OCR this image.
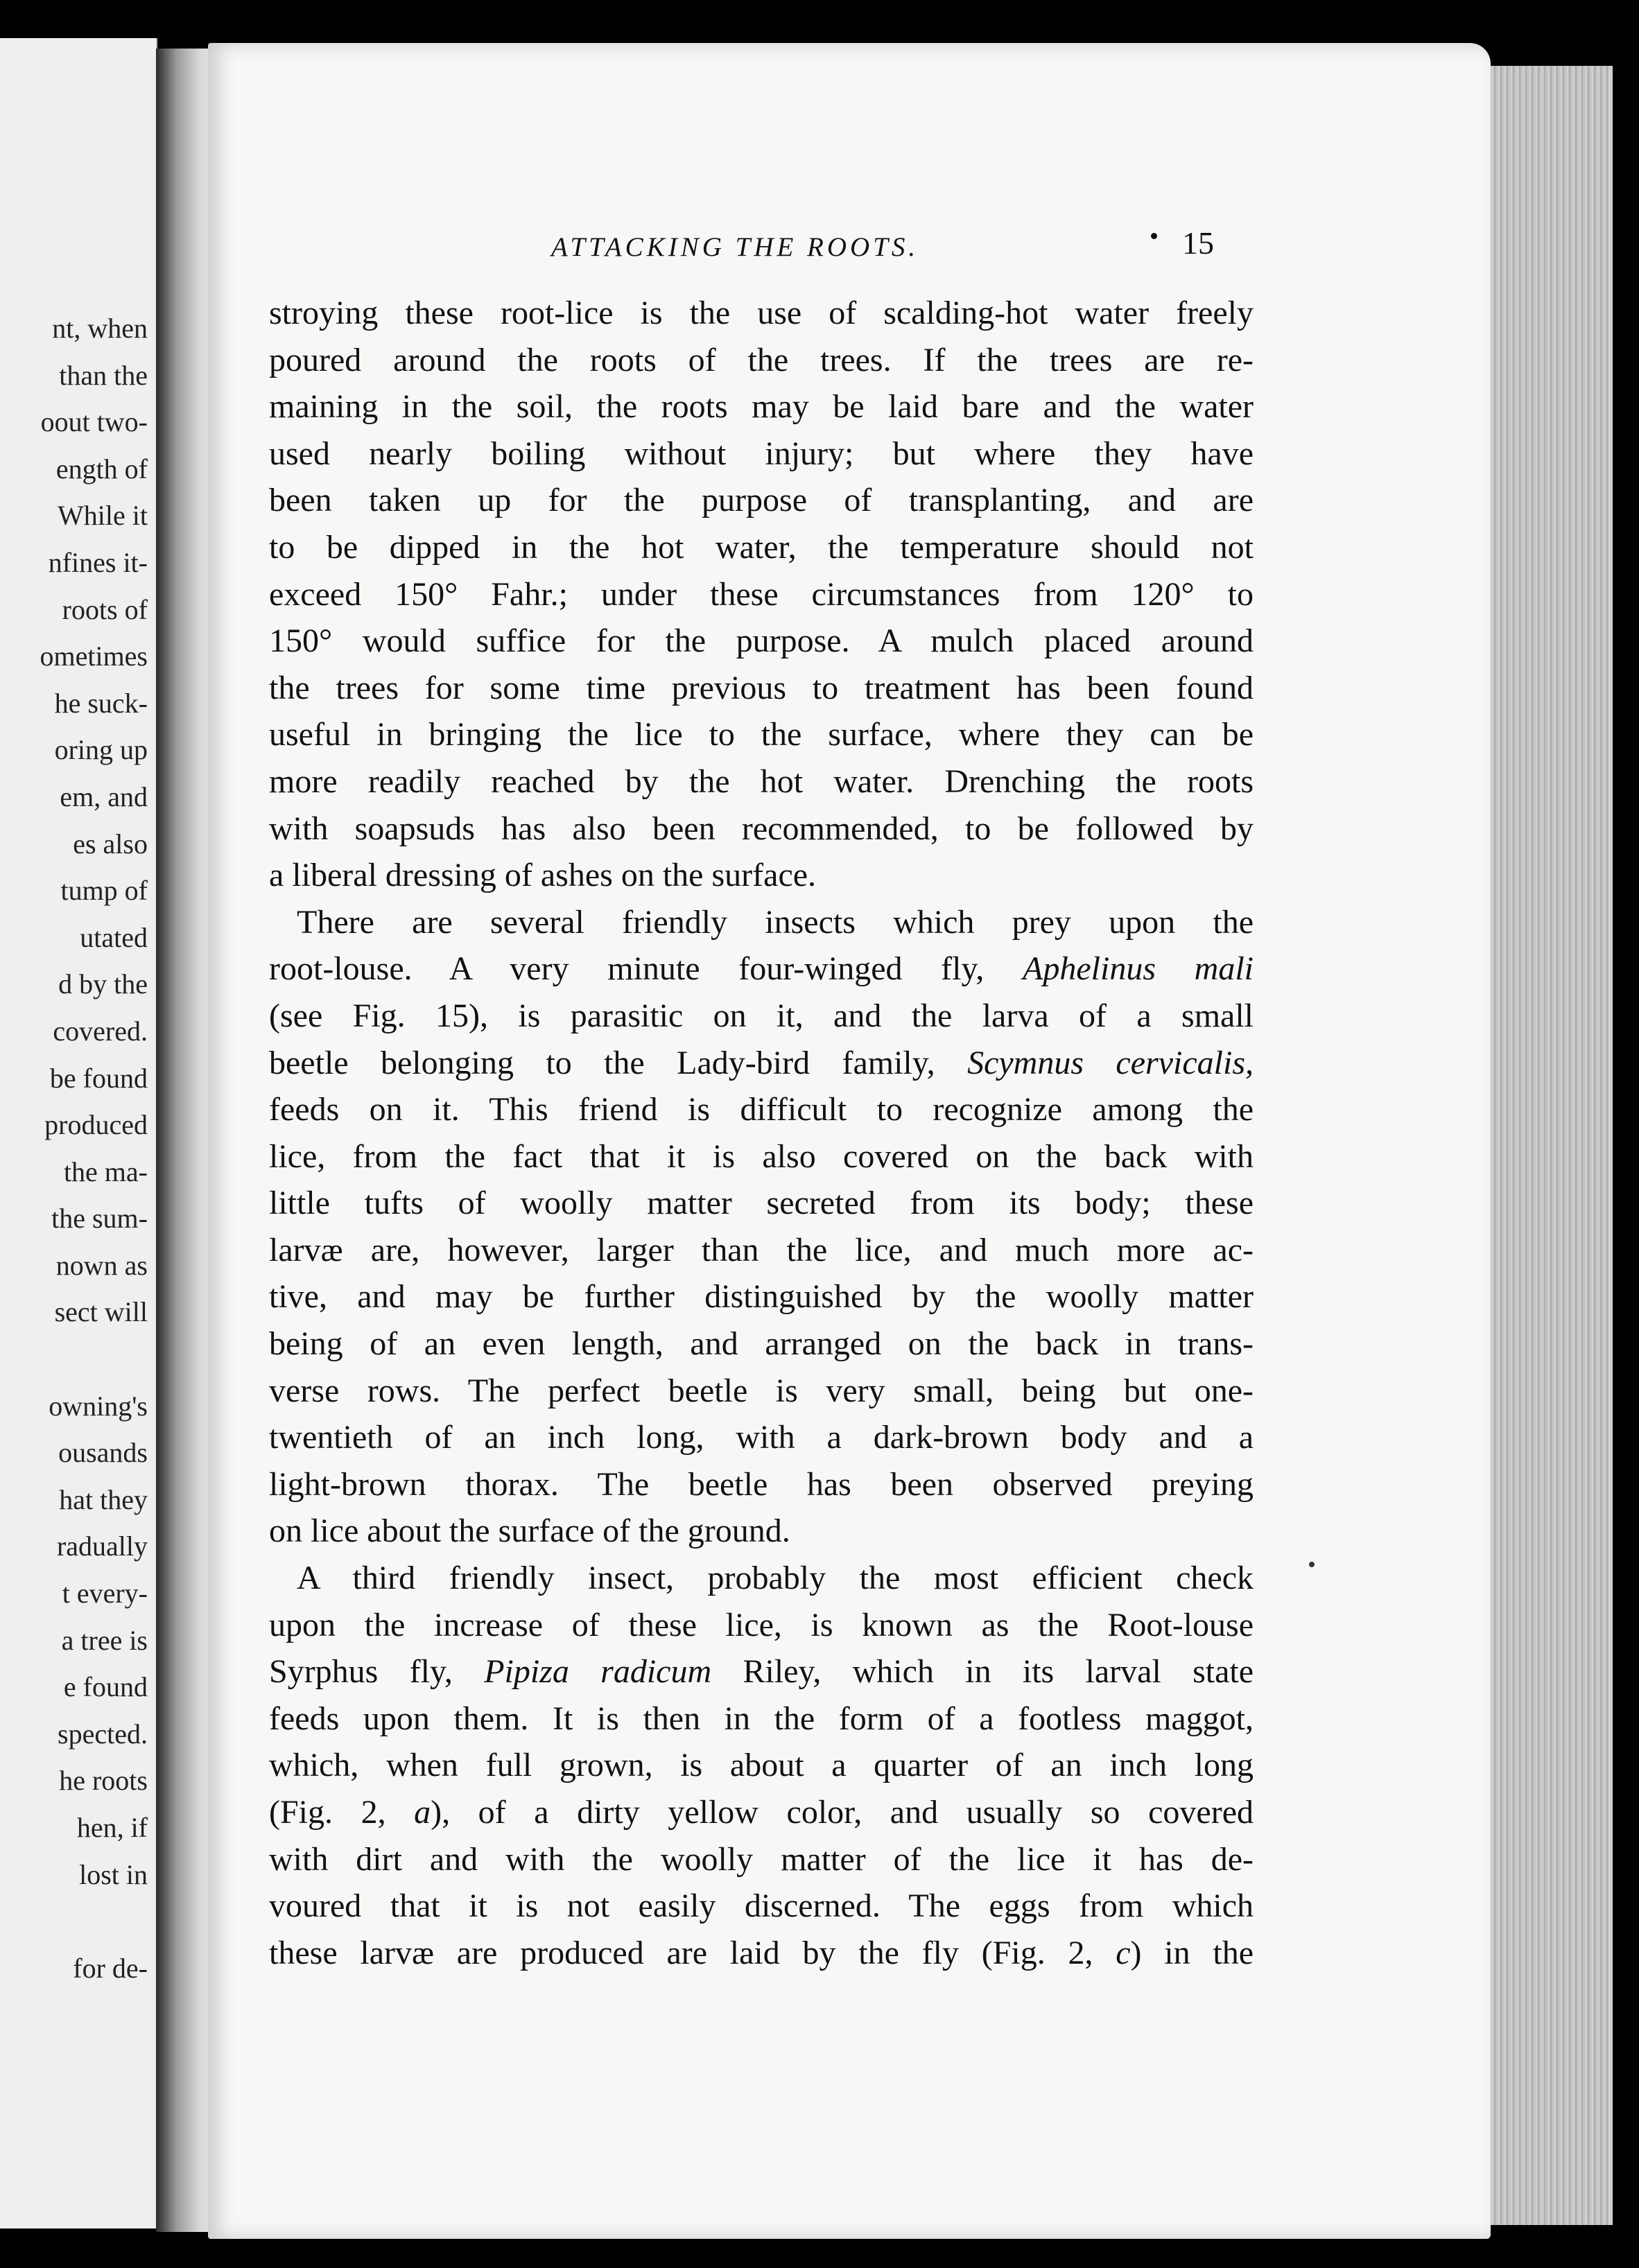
nt, when
than the
oout two-
ength of
While it
nfines it-
roots of
ometimes
he suck-
oring up
em, and
es also
tump of
utated
d by the
covered.
be found
produced
the ma-
the sum-
nown as
sect will

owning's
ousands
hat they
radually
t every-
a tree is
e found
spected.
he roots
hen, if
lost in

for de-
ATTACKING THE ROOTS.	15
stroying these root-lice is the use of scalding-hot water freely
poured around the roots of the trees. If the trees are re-
maining in the soil, the roots may be laid bare and the water
used nearly boiling without injury; but where they have
been taken up for the purpose of transplanting, and are
to be dipped in the hot water, the temperature should not
exceed 150° Fahr.; under these circumstances from 120° to
150° would suffice for the purpose. A mulch placed around
the trees for some time previous to treatment has been found
useful in bringing the lice to the surface, where they can be
more readily reached by the hot water. Drenching the roots
with soapsuds has also been recommended, to be followed by
a liberal dressing of ashes on the surface.
There are several friendly insects which prey upon the
root-louse. A very minute four-winged fly, Aphelinus mali
(see Fig. 15), is parasitic on it, and the larva of a small
beetle belonging to the Lady-bird family, Scymnus cervicalis,
feeds on it. This friend is difficult to recognize among the
lice, from the fact that it is also covered on the back with
little tufts of woolly matter secreted from its body; these
larvæ are, however, larger than the lice, and much more ac-
tive, and may be further distinguished by the woolly matter
being of an even length, and arranged on the back in trans-
verse rows. The perfect beetle is very small, being but one-
twentieth of an inch long, with a dark-brown body and a
light-brown thorax. The beetle has been observed preying
on lice about the surface of the ground.
A third friendly insect, probably the most efficient check
upon the increase of these lice, is known as the Root-louse
Syrphus fly, Pipiza radicum Riley, which in its larval state
feeds upon them. It is then in the form of a footless maggot,
which, when full grown, is about a quarter of an inch long
(Fig. 2, a), of a dirty yellow color, and usually so covered
with dirt and with the woolly matter of the lice it has de-
voured that it is not easily discerned. The eggs from which
these larvæ are produced are laid by the fly (Fig. 2, c) in the
